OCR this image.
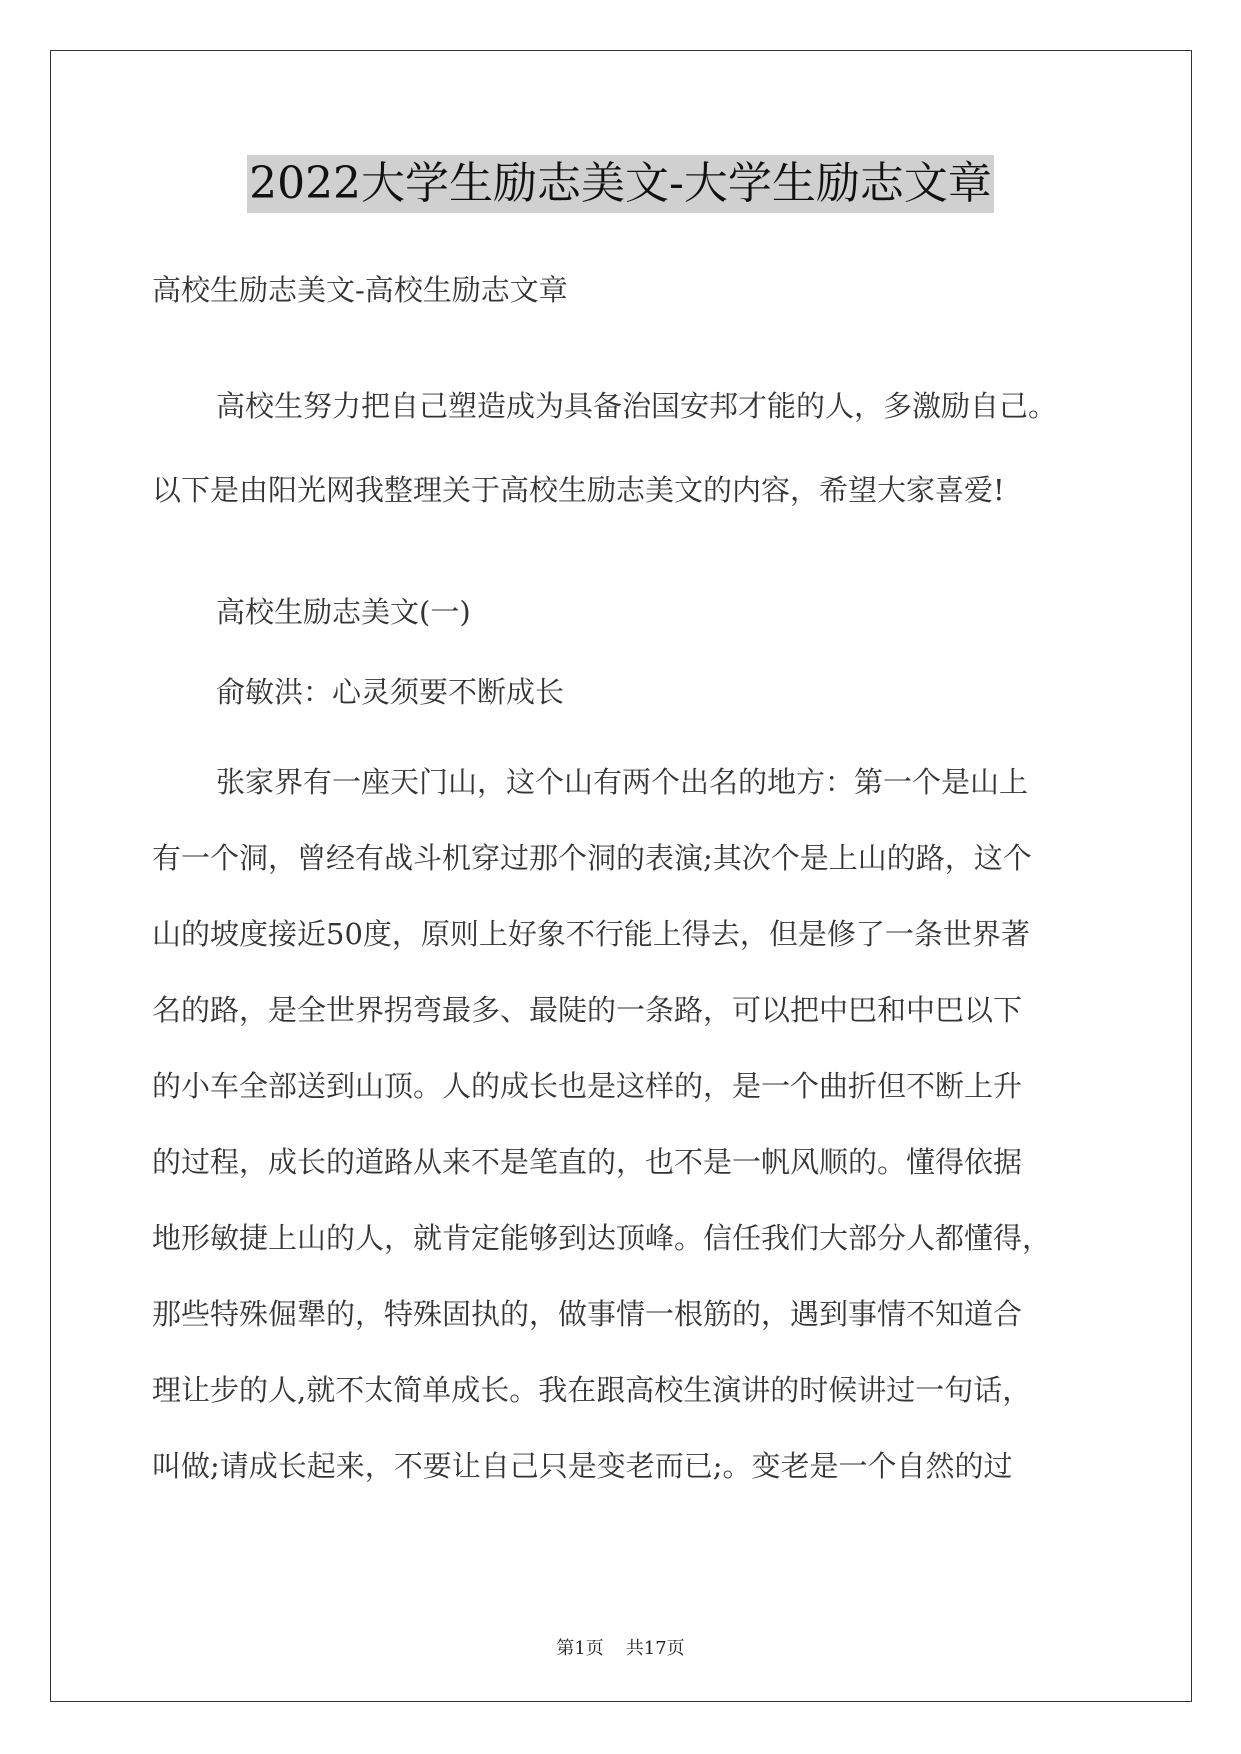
2022大学生励志美文-大学生励志文章
高校生励志美文-高校生励志文章
高校生努力把自己塑造成为具备治国安邦才能的人，多激励自己。
以下是由阳光网我整理关于高校生励志美文的内容，希望大家喜爱!
高校生励志美文(一)
俞敏洪：心灵须要不断成长
张家界有一座天门山，这个山有两个出名的地方：第一个是山上
有一个洞，曾经有战斗机穿过那个洞的表演;其次个是上山的路，这个
山的坡度接近50度，原则上好象不行能上得去，但是修了一条世界著
名的路，是全世界拐弯最多、最陡的一条路，可以把中巴和中巴以下
的小车全部送到山顶。人的成长也是这样的，是一个曲折但不断上升
的过程，成长的道路从来不是笔直的，也不是一帆风顺的。懂得依据
地形敏捷上山的人，就肯定能够到达顶峰。信任我们大部分人都懂得，
那些特殊倔犟的，特殊固执的，做事情一根筋的，遇到事情不知道合
理让步的人,就不太简单成长。我在跟高校生演讲的时候讲过一句话，
叫做;请成长起来，不要让自己只是变老而已;。变老是一个自然的过
第1页 共17页
